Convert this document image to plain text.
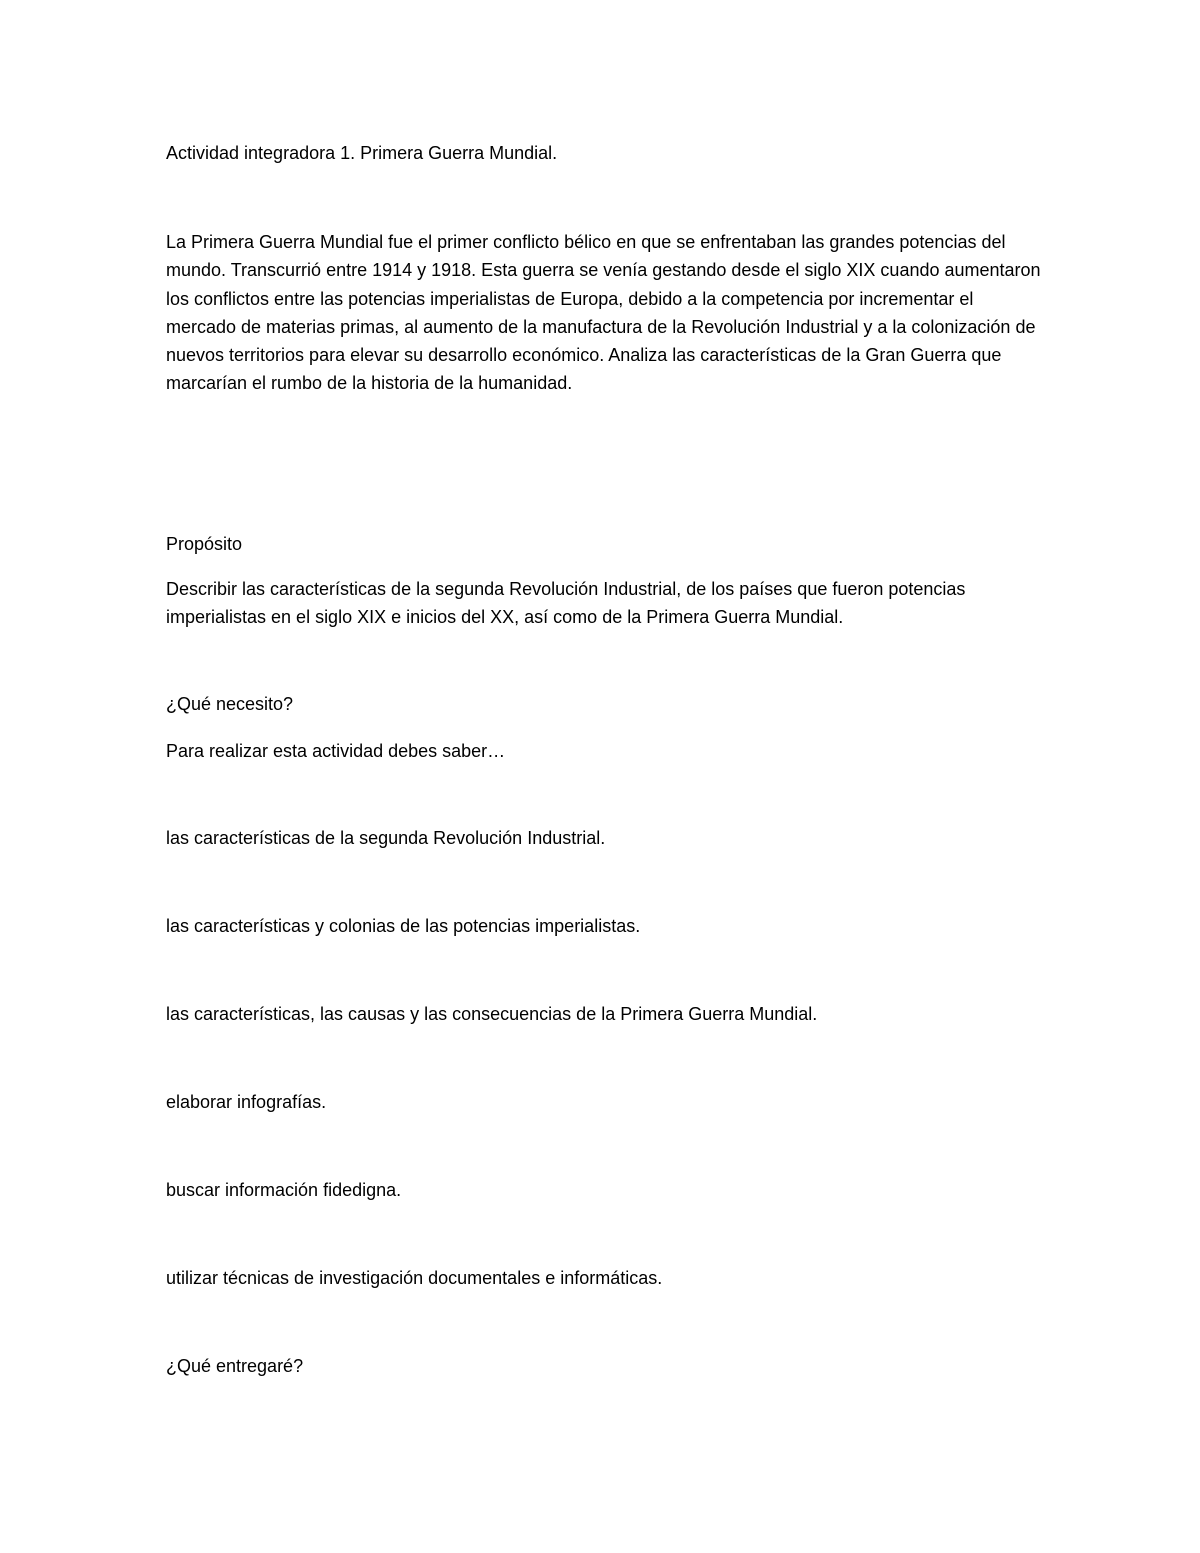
Actividad integradora 1. Primera Guerra Mundial.
La Primera Guerra Mundial fue el primer conflicto bélico en que se enfrentaban las grandes potencias del mundo. Transcurrió entre 1914 y 1918. Esta guerra se venía gestando desde el siglo XIX cuando aumentaron los conflictos entre las potencias imperialistas de Europa, debido a la competencia por incrementar el mercado de materias primas, al aumento de la manufactura de la Revolución Industrial y a la colonización de nuevos territorios para elevar su desarrollo económico. Analiza las características de la Gran Guerra que marcarían el rumbo de la historia de la humanidad.
Propósito
Describir las características de la segunda Revolución Industrial, de los países que fueron potencias imperialistas en el siglo XIX e inicios del XX, así como de la Primera Guerra Mundial.
¿Qué necesito?
Para realizar esta actividad debes saber…
las características de la segunda Revolución Industrial.
las características y colonias de las potencias imperialistas.
las características, las causas y las consecuencias de la Primera Guerra Mundial.
elaborar infografías.
buscar información fidedigna.
utilizar técnicas de investigación documentales e informáticas.
¿Qué entregaré?
